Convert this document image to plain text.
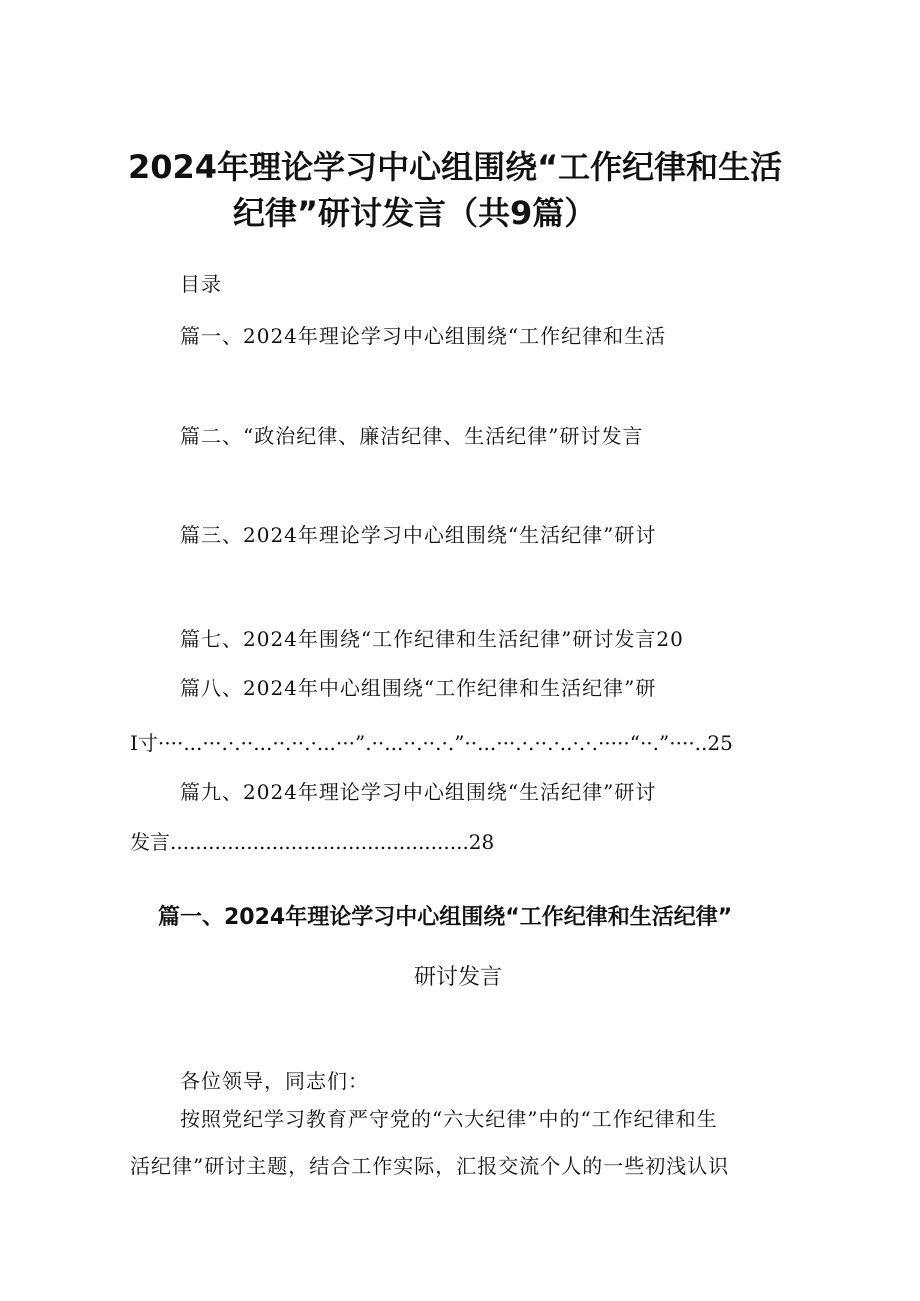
2024年理论学习中心组围绕“工作纪律和生活
纪律”研讨发言（共9篇）
目录
篇一、2024年理论学习中心组围绕“工作纪律和生活
篇二、“政治纪律、廉洁纪律、生活纪律”研讨发言
篇三、2024年理论学习中心组围绕“生活纪律”研讨
篇七、2024年围绕“工作纪律和生活纪律”研讨发言20
篇八、2024年中心组围绕“工作纪律和生活纪律”研
I寸····...···.·.··...··.··.·...···”.··...··.··.·.”··...···.·.··.·..·.·.·····“··.”····..25
篇九、2024年理论学习中心组围绕“生活纪律”研讨
发言...............................................28
篇一、2024年理论学习中心组围绕“工作纪律和生活纪律”
研讨发言
各位领导，同志们：
按照党纪学习教育严守党的“六大纪律”中的“工作纪律和生
活纪律”研讨主题，结合工作实际，汇报交流个人的一些初浅认识
